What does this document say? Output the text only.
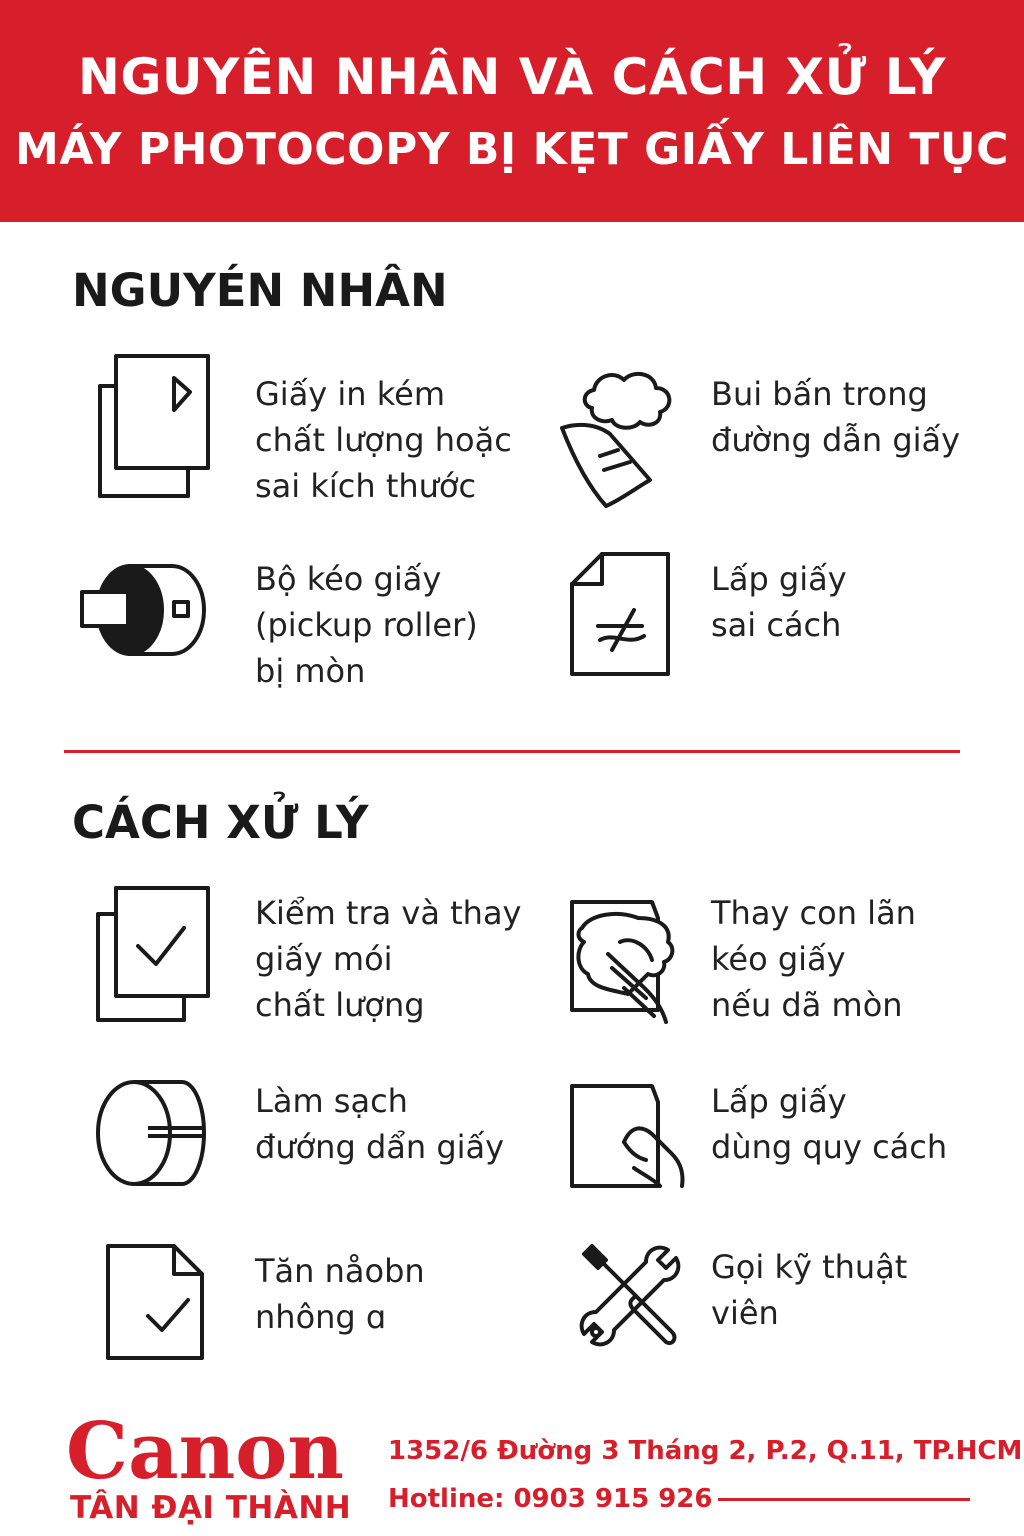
NGUYÊN NHÂN VÀ CÁCH XỬ LÝ
MÁY PHOTOCOPY BỊ KẸT GIẤY LIÊN TỤC
NGUYÉN NHÂN
Giấy in kém
chất lượng hoặc
sai kích thước
Bui bấn trong
đường dẫn giấy
Bộ kéo giấy
(pickup roller)
bị mòn
Lấp giấy
sai cách
CÁCH XỬ LÝ
Kiểm tra và thay
giấy mói
chất lượng
Thay con lãn
kéo giấy
nếu dã mòn
Làm sạch
đướng dẩn giấy
Lấp giấy
dùng quy cách
Tăn nåobn
nhông ɑ
Gọi kỹ thuật
viên
Canon
TÂN ĐẠI THÀNH
1352/6 Đường 3 Tháng 2, P.2, Q.11, TP.HCM
Hotline: 0903 915 926
